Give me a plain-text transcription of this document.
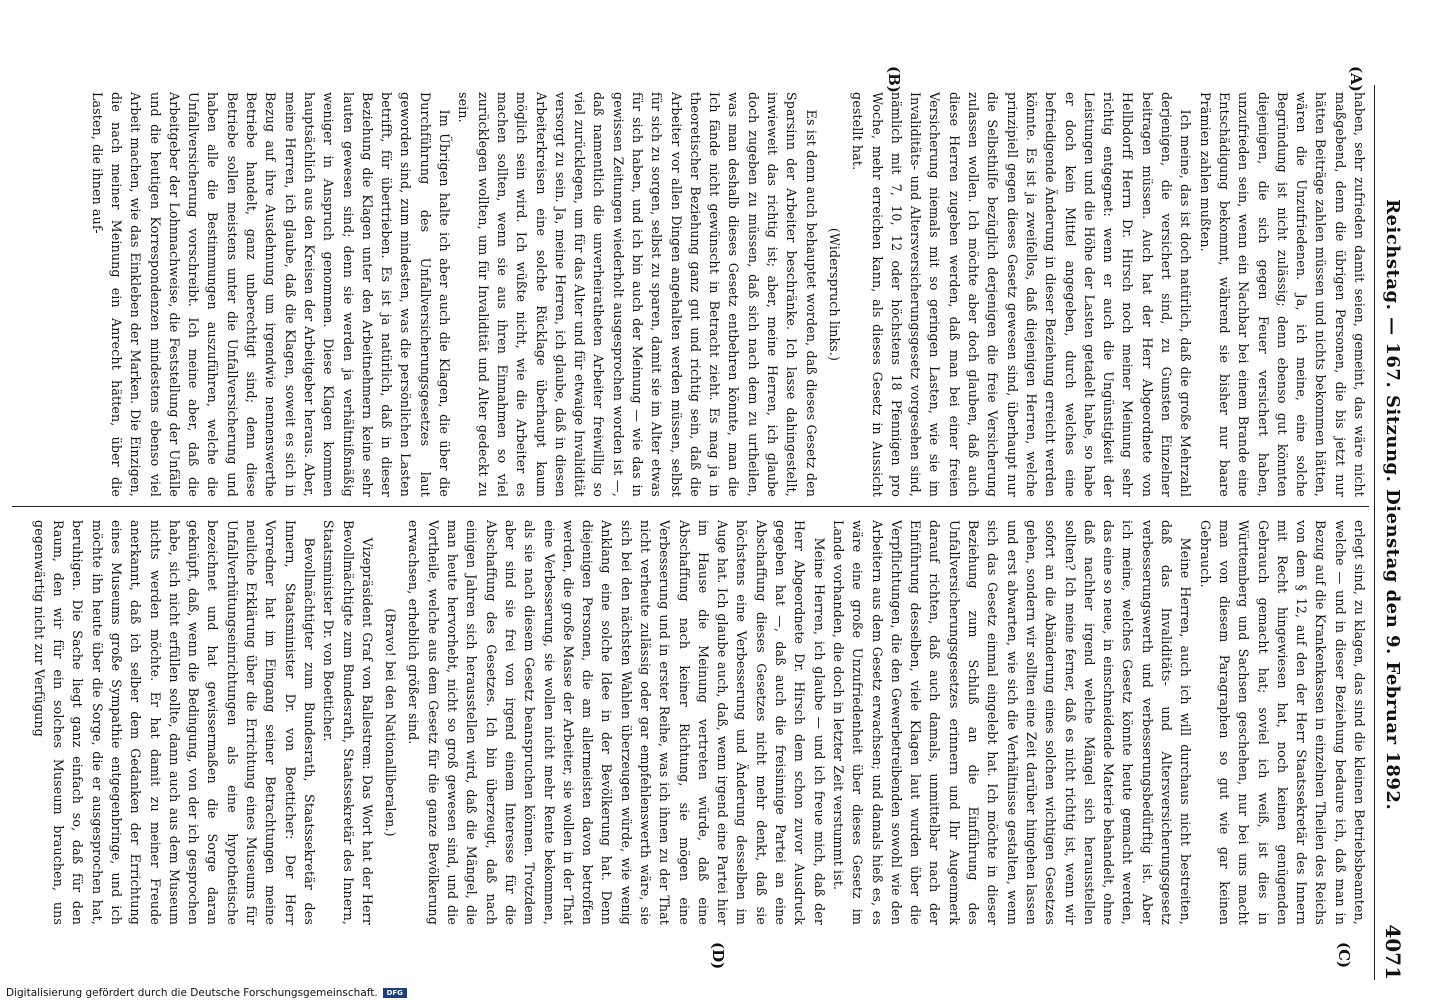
Reichstag. — 167. Sitzung. Dienstag den 9. Februar 1892.
4071
(A)
(B)
(C)
(D)

haben, sehr zufrieden damit seien, gemeint, das wäre nicht maßgebend, denn die übrigen Personen, die bis jetzt nur hätten Beiträge zahlen müssen und nichts bekommen hätten, wären die Unzufriedenen. Ja, ich meine, eine solche Begründung ist nicht zulässig; denn ebenso gut könnten diejenigen, die sich gegen Feuer versichert haben, unzufrieden sein, wenn ein Nachbar bei einem Brande eine Entschädigung bekommt, während sie bisher nur baare Prämien zahlen mußten.

Ich meine, das ist doch natürlich, daß die große Mehrzahl derjenigen, die versichert sind, zu Gunsten Einzelner beitragen müssen. Auch hat der Herr Abgeordnete von Hellbdorff Herrn Dr. Hirsch noch meiner Meinung sehr richtig entgegnet: wenn er auch die Ungünstigkeit der Leistungen und die Höhe der Lasten getadelt habe, so habe er doch kein Mittel angegeben, durch welches eine befriedigende Änderung in dieser Beziehung erreicht werden könnte. Es ist ja zweifellos, daß diejenigen Herren, welche prinzipiell gegen dieses Gesetz gewesen sind, überhaupt nur die Selbsthilfe bezüglich derjenigen die freie Versicherung zulassen wollen. Ich möchte aber doch glauben, daß auch diese Herren zugeben werden, daß man bei einer freien Versicherung niemals mit so geringen Lasten, wie sie im Invaliditäts- und Altersversicherungsgesetz vorgesehen sind, nämlich mit 7, 10, 12 oder höchstens 18 Pfennigen pro Woche, mehr erreichen kann, als dieses Gesetz in Aussicht gestellt hat.

(Widerspruch links.)

Es ist denn auch behauptet worden, daß dieses Gesetz den Sparsinn der Arbeiter beschränke. Ich lasse dahingestellt, inwieweit das richtig ist; aber, meine Herren, ich glaube doch zugeben zu müssen, daß sich nach dem zu urtheilen, was man deshalb dieses Gesetz entbehren könnte, man die Ich fände nicht gewünscht in Betracht zieht. Es mag ja in theoretischer Beziehung ganz gut und richtig sein, daß die Arbeiter vor allen Dingen angehalten werden müssen, selbst für sich zu sorgen, selbst zu sparen, damit sie im Alter etwas für sich haben, und ich bin auch der Meinung — wie das in gewissen Zeitungen wiederholt ausgesprochen worden ist —, daß namentlich die unverheiratheten Arbeiter freiwillig so viel zurücklegen, um für das Alter und für etwaige Invalidität versorgt zu sein. Ja, meine Herren, ich glaube, daß in diesen Arbeiterkreisen eine solche Rücklage überhaupt kaum möglich sein wird. Ich wüßte nicht, wie die Arbeiter es machen sollten, wenn sie aus ihren Einnahmen so viel zurücklegen wollten, um für Invalidität und Alter gedeckt zu sein.

Im Übrigen halte ich aber auch die Klagen, die über die Durchführung des Unfallversicherungsgesetzes laut geworden sind, zum mindesten, was die persönlichen Lasten betrifft, für übertrieben. Es ist ja natürlich, daß in dieser Beziehung die Klagen unter den Arbeitnehmern keine sehr lauten gewesen sind; denn sie werden ja verhältnißmäßig weniger in Anspruch genommen. Diese Klagen kommen hauptsächlich aus den Kreisen der Arbeitgeber heraus. Aber, meine Herren, ich glaube, daß die Klagen, soweit es sich in Bezug auf ihre Ausdehnung um irgendwie nennenswerthe Betriebe handelt, ganz unberechtigt sind; denn diese Betriebe sollen meistens unter die Unfallversicherung und haben alle die Bestimmungen auszuführen, welche die Unfallversicherung vorschreibt. Ich meine aber, daß die Arbeitgeber der Lohnnachweise, die Feststellung der Unfälle und die heutigen Korrespondenzen mindestens ebenso viel Arbeit machen, wie das Einkleben der Marken. Die Einzigen, die nach meiner Meinung ein Anrecht hätten, über die Lasten, die ihnen auf-

erlegt sind, zu klagen, das sind die kleinen Betriebsbeamten, welche — und in dieser Beziehung bedaure ich, daß man in Bezug auf die Krankenkassen in einzelnen Theilen des Reichs von dem § 12, auf den der Herr Staatssekretär des Innern mit Recht hingewiesen hat, noch keinen genügenden Gebrauch gemacht hat; soviel ich weiß, ist dies in Württemberg und Sachsen geschehen, nur bei uns macht man von diesem Paragraphen so gut wie gar keinen Gebrauch.

Meine Herren, auch ich will durchaus nicht bestreiten, daß das Invaliditäts- und Altersversicherungsgesetz verbesserungswerth und verbesserungsbedürftig ist. Aber ich meine, welches Gesetz könnte heute gemacht werden, das eine so neue, in einschneidende Materie behandelt, ohne daß nachher irgend welche Mängel sich herausstellen sollten? Ich meine ferner, daß es nicht richtig ist, wenn wir sofort an die Abänderung eines solchen wichtigen Gesetzes gehen, sondern wir sollten eine Zeit darüber hingehen lassen und erst abwarten, wie sich die Verhältnisse gestalten, wenn sich das Gesetz einmal eingelebt hat. Ich möchte in dieser Beziehung zum Schluß an die Einführung des Unfallversicherungsgesetzes erinnern und Ihr Augenmerk darauf richten, daß auch damals, unmittelbar nach der Einführung desselben, viele Klagen laut wurden über die Verpflichtungen, die den Gewerbetreibenden sowohl wie den Arbeitern aus dem Gesetz erwachsen; und damals hieß es, es wäre eine große Unzufriedenheit über dieses Gesetz im Lande vorhanden, die doch in letzter Zeit verstummt ist.

Meine Herren, ich glaube — und ich freue mich, daß der Herr Abgeordnete Dr. Hirsch dem schon zuvor Ausdruck gegeben hat —, daß auch die freisinnige Partei an eine Abschaffung dieses Gesetzes nicht mehr denkt, daß sie höchstens eine Verbesserung und Änderung desselben im Auge hat. Ich glaube auch, daß, wenn irgend eine Partei hier im Hause die Meinung vertreten würde, daß eine Abschaffung nach keiner Richtung, sie mögen eine Verbesserung und in erster Reihe, was ich ihnen zu der That nicht verheute zulässig oder gar empfehlenswerth wäre, sie sich bei den nächsten Wahlen überzeugen würde, wie wenig Anklang eine solche Idee in der Bevölkerung hat. Denn diejenigen Personen, die am allermeisten davon betroffen werden, die große Masse der Arbeiter, sie wollen in der That eine Verbesserung, sie wollen nicht mehr Rente bekommen, als sie nach diesem Gesetz beanspruchen können. Trotzdem aber sind sie frei von irgend einem Interesse für die Abschaffung des Gesetzes. Ich bin überzeugt, daß nach einigen Jahren sich herausstellen wird, daß die Mängel, die man heute hervorhebt, nicht so groß gewesen sind, und die Vortheile, welche aus dem Gesetz für die ganze Bevölkerung erwachsen, erheblich größer sind.

(Bravo! bei den Nationalliberalen.)

Vizepräsident Graf von Ballestrem: Das Wort hat der Herr Bevollmächtigte zum Bundesrath, Staatssekretär des Innern, Staatsminister Dr. von Boetticher.

Bevollmächtigter zum Bundesrath, Staatssekretär des Innern, Staatsminister Dr. von Boetticher: Der Herr Vorredner hat im Eingang seiner Betrachtungen meine neuliche Erklärung über die Errichtung eines Museums für Unfallverhütungseinrichtungen als eine hypothetische bezeichnet und hat gewissermaßen die Sorge daran geknüpft, daß, wenn die Bedingung, von der ich gesprochen habe, sich nicht erfüllen sollte, dann auch aus dem Museum nichts werden möchte. Er hat damit zu meiner Freude anerkannt, daß ich selber dem Gedanken der Errichtung eines Museums große Sympathie entgegenbringe, und ich möchte ihn heute über die Sorge, die er ausgesprochen hat, beruhigen. Die Sache liegt ganz einfach so, daß für den Raum, den wir für ein solches Museum brauchen, uns gegenwärtig nicht zur Verfügung

Digitalisierung gefördert durch die Deutsche Forschungsgemeinschaft.	DFG
